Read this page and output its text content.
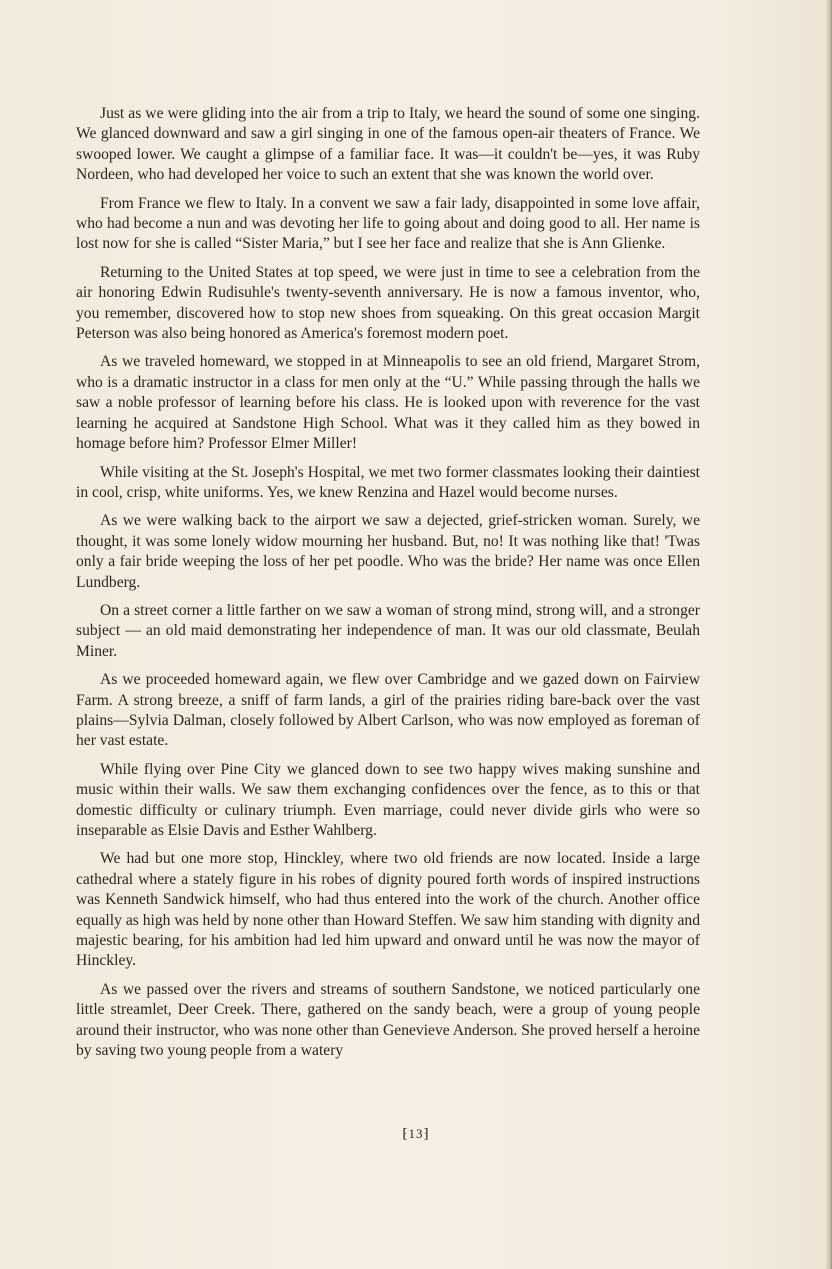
Just as we were gliding into the air from a trip to Italy, we heard the sound of some one singing. We glanced downward and saw a girl singing in one of the famous open-air theaters of France. We swooped lower. We caught a glimpse of a familiar face. It was—it couldn't be—yes, it was Ruby Nordeen, who had developed her voice to such an extent that she was known the world over.

From France we flew to Italy. In a convent we saw a fair lady, disappointed in some love affair, who had become a nun and was devoting her life to going about and doing good to all. Her name is lost now for she is called “Sister Maria,” but I see her face and realize that she is Ann Glienke.

Returning to the United States at top speed, we were just in time to see a celebration from the air honoring Edwin Rudisuhle's twenty-seventh anniversary. He is now a famous inventor, who, you remember, discovered how to stop new shoes from squeaking. On this great occasion Margit Peterson was also being honored as America's foremost modern poet.

As we traveled homeward, we stopped in at Minneapolis to see an old friend, Margaret Strom, who is a dramatic instructor in a class for men only at the “U.” While passing through the halls we saw a noble professor of learning before his class. He is looked upon with reverence for the vast learning he acquired at Sandstone High School. What was it they called him as they bowed in homage before him? Professor Elmer Miller!

While visiting at the St. Joseph's Hospital, we met two former classmates looking their daintiest in cool, crisp, white uniforms. Yes, we knew Renzina and Hazel would become nurses.

As we were walking back to the airport we saw a dejected, grief-stricken woman. Surely, we thought, it was some lonely widow mourning her husband. But, no! It was nothing like that! 'Twas only a fair bride weeping the loss of her pet poodle. Who was the bride? Her name was once Ellen Lundberg.

On a street corner a little farther on we saw a woman of strong mind, strong will, and a stronger subject — an old maid demonstrating her independence of man. It was our old classmate, Beulah Miner.

As we proceeded homeward again, we flew over Cambridge and we gazed down on Fairview Farm. A strong breeze, a sniff of farm lands, a girl of the prairies riding bare-back over the vast plains—Sylvia Dalman, closely followed by Albert Carlson, who was now employed as foreman of her vast estate.

While flying over Pine City we glanced down to see two happy wives making sunshine and music within their walls. We saw them exchanging confidences over the fence, as to this or that domestic difficulty or culinary triumph. Even marriage, could never divide girls who were so inseparable as Elsie Davis and Esther Wahlberg.

We had but one more stop, Hinckley, where two old friends are now located. Inside a large cathedral where a stately figure in his robes of dignity poured forth words of inspired instructions was Kenneth Sandwick himself, who had thus entered into the work of the church. Another office equally as high was held by none other than Howard Steffen. We saw him standing with dignity and majestic bearing, for his ambition had led him upward and onward until he was now the mayor of Hinckley.

As we passed over the rivers and streams of southern Sandstone, we noticed particularly one little streamlet, Deer Creek. There, gathered on the sandy beach, were a group of young people around their instructor, who was none other than Genevieve Anderson. She proved herself a heroine by saving two young people from a watery

⁅13⁆
